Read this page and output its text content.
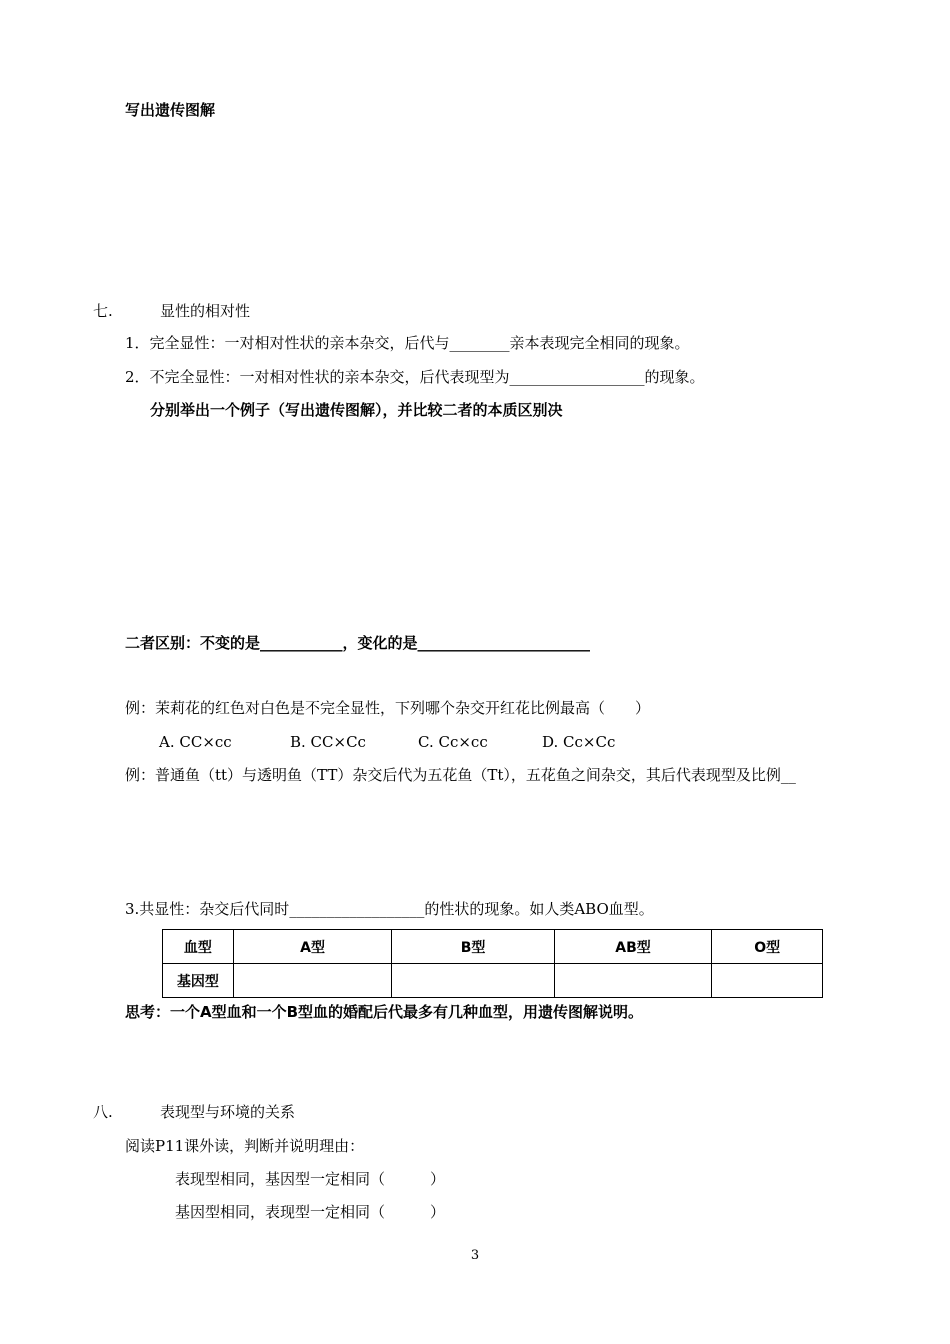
写出遗传图解
七.	显性的相对性
1．完全显性：一对相对性状的亲本杂交，后代与________亲本表现完全相同的现象。
2．不完全显性：一对相对性状的亲本杂交，后代表现型为__________________的现象。
分别举出一个例子（写出遗传图解），并比较二者的本质区别决
二者区别：不变的是___________，变化的是_______________________
例：茉莉花的红色对白色是不完全显性，下列哪个杂交开红花比例最高（　　）
A. CC×cc	B. CC×Cc	C. Cc×cc	D. Cc×Cc
例：普通鱼（tt）与透明鱼（TT）杂交后代为五花鱼（Tt），五花鱼之间杂交，其后代表现型及比例__
3.共显性：杂交后代同时__________________的性状的现象。如人类ABO血型。
血型	A型	B型	AB型	O型
基因型				
思考：一个A型血和一个B型血的婚配后代最多有几种血型，用遗传图解说明。
八.	表现型与环境的关系
阅读P11课外读，判断并说明理由：
表现型相同，基因型一定相同（　　　）
基因型相同，表现型一定相同（　　　）
3
